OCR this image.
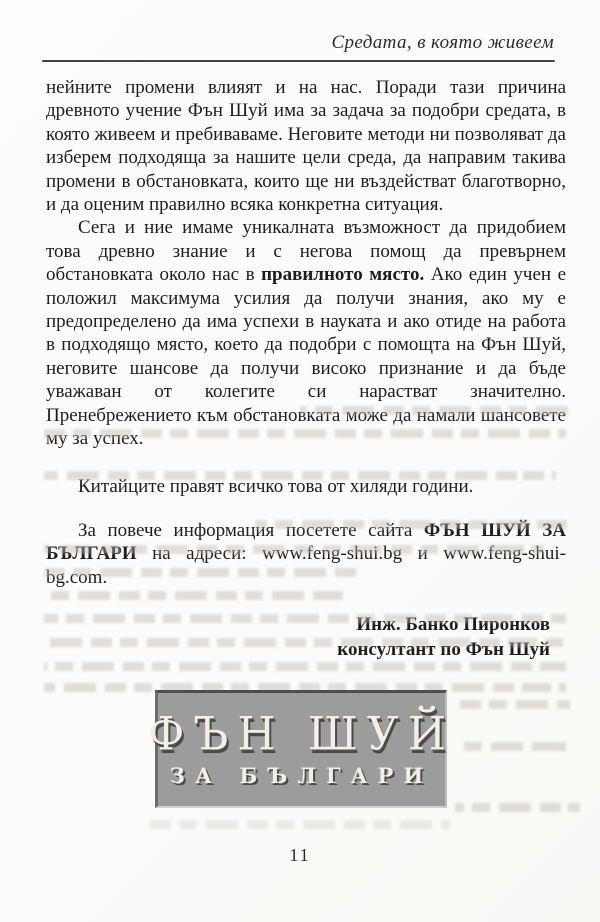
Средата, в която живеем

нейните промени влияят и на нас. Поради тази причина древното учение Фън Шуй има за задача за подобри средата, в която живеем и пребиваваме. Неговите методи ни позволяват да изберем подходяща за нашите цели среда, да направим такива промени в обстановката, които ще ни въздействат благотворно, и да оценим правилно всяка конкретна ситуация.

Сега и ние имаме уникалната възможност да придобием това древно знание и с негова помощ да превърнем обстановката около нас в правилното място. Ако един учен е положил максимума усилия да получи знания, ако му е предопределено да има успехи в науката и ако отиде на работа в подходящо място, което да подобри с помощта на Фън Шуй, неговите шансове да получи високо признание и да бъде уважаван от колегите си нарастват значително. Пренебрежението към обстановката може да намали шансовете му за успех.

Китайците правят всичко това от хиляди години.

За повече информация посетете сайта ФЪН ШУЙ ЗА БЪЛГАРИ на адреси: www.feng-shui.bg и www.feng-shui-bg.com.

Инж. Банко Пиронков
консултант по Фън Шуй
ФЪН ШУЙ
ЗА БЪЛГАРИ
11
